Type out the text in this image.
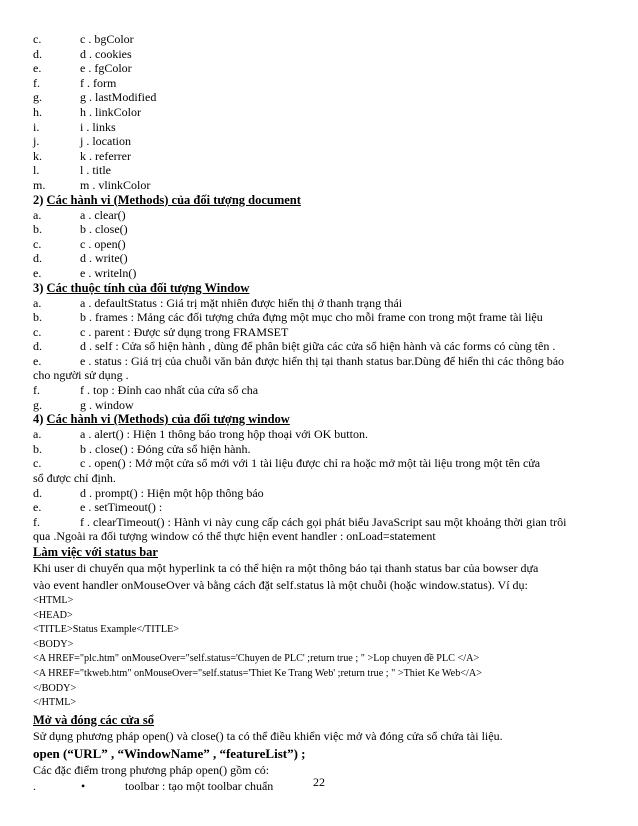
c.	c . bgColor
d.	d . cookies
e.	e . fgColor
f.	f . form
g.	g . lastModified
h.	h . linkColor
i.	i . links
j.	j . location
k.	k . referrer
l.	l . title
m.	m . vlinkColor
2) Các hành vi (Methods) của đối tượng document
a.	a . clear()
b.	b . close()
c.	c . open()
d.	d . write()
e.	e . writeln()
3) Các thuộc tính của đối tượng Window
a.	a . defaultStatus : Giá trị mặt nhiên được hiển thị ở thanh trạng thái
b.	b . frames : Mảng các đối tượng chứa đựng một mục cho mỗi frame con trong một frame tài liệu
c.	c . parent : Được sử dụng trong FRAMSET
d.	d . self : Cửa sổ hiện hành , dùng để phân biệt giữa các cửa sổ hiện hành và các forms có cùng tên .
e.	e . status : Giá trị của chuỗi văn bản được hiển thị tại thanh status bar.Dùng để hiển thi các thông báo
cho người sử dụng .
f.	f . top : Đỉnh cao nhất của cửa sổ cha
g.	g . window
4) Các hành vi (Methods) của đối tượng window
a.	a . alert() : Hiện 1 thông báo trong hộp thoại với OK button.
b.	b . close() : Đóng cửa sổ hiện hành.
c.	c . open() : Mở một cửa sổ mới với 1 tài liệu được chỉ ra hoặc mở một tài liệu trong một tên cửa
sổ được chỉ định.
d.	d . prompt() : Hiện một hộp thông báo
e.	e . setTimeout() :
f.	f . clearTimeout() : Hành vi này cung cấp cách gọi phát biểu JavaScript sau một khoảng thời gian trôi
qua .Ngoài ra đối tượng window có thể thực hiện event handler : onLoad=statement
Làm việc với status bar
Khi user di chuyển qua một hyperlink ta có thể hiện ra một thông báo tại thanh status bar của bowser dựa
vào event handler onMouseOver và bằng cách đặt self.status là một chuỗi (hoặc window.status). Ví dụ:
<HTML>
<HEAD>
<TITLE>Status Example</TITLE>
<BODY>
<A HREF="plc.htm" onMouseOver="self.status='Chuyen de PLC' ;return true ; " >Lop chuyen đề PLC </A>
<A HREF="tkweb.htm" onMouseOver="self.status='Thiet Ke Trang Web' ;return true ; " >Thiet Ke Web</A>
</BODY>
</HTML>
Mở và đóng các cửa sổ
Sử dụng phương pháp open() và close() ta có thể điều khiển việc mở và đóng cửa sổ chứa tài liệu.
open (“URL” , “WindowName” , “featureList”) ;
Các đặc điểm trong phương pháp open() gồm có:
.	•	toolbar : tạo một toolbar chuẩn	22
